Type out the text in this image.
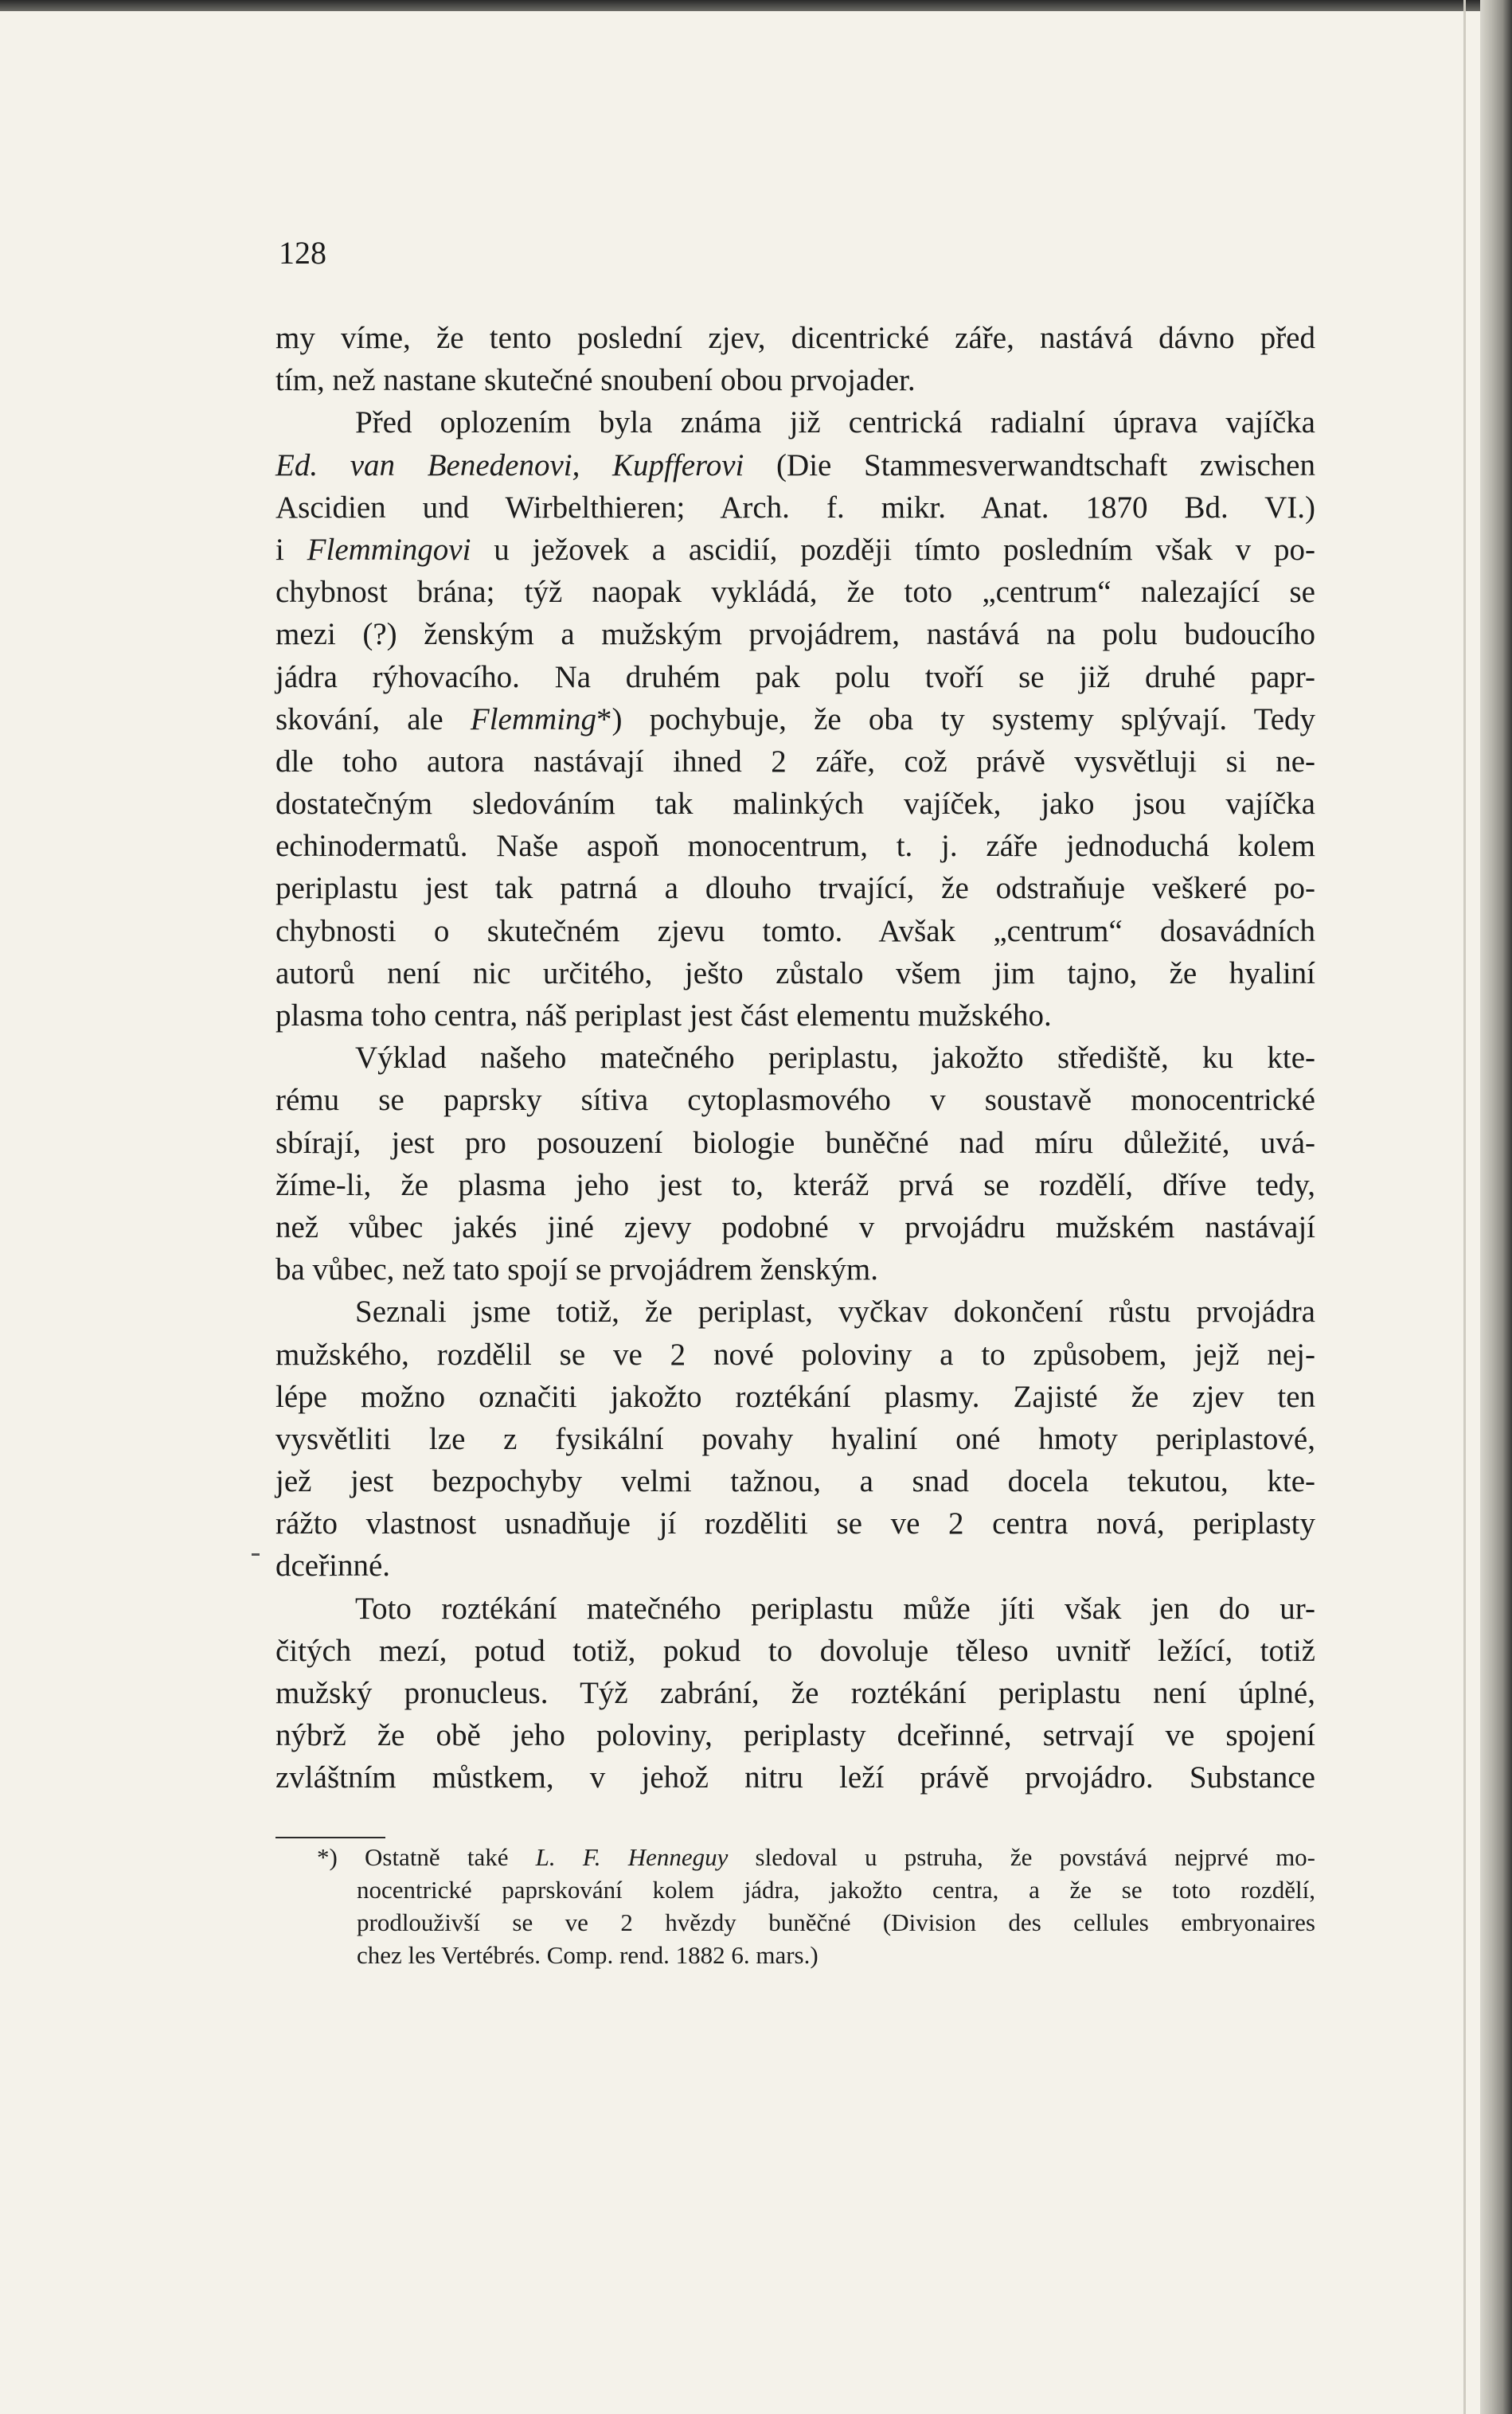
128
my víme, že tento poslední zjev, dicentrické záře, nastává dávno před
tím, než nastane skutečné snoubení obou prvojader.
Před oplozením byla známa již centrická radialní úprava vajíčka
Ed. van Benedenovi, Kupfferovi (Die Stammesverwandtschaft zwischen
Ascidien und Wirbelthieren; Arch. f. mikr. Anat. 1870 Bd. VI.)
i Flemmingovi u ježovek a ascidií, později tímto posledním však v po-
chybnost brána; týž naopak vykládá, že toto „centrum“ nalezající se
mezi (?) ženským a mužským prvojádrem, nastává na polu budoucího
jádra rýhovacího. Na druhém pak polu tvoří se již druhé papr-
skování, ale Flemming*) pochybuje, že oba ty systemy splývají. Tedy
dle toho autora nastávají ihned 2 záře, což právě vysvětluji si ne-
dostatečným sledováním tak malinkých vajíček, jako jsou vajíčka
echinodermatů. Naše aspoň monocentrum, t. j. záře jednoduchá kolem
periplastu jest tak patrná a dlouho trvající, že odstraňuje veškeré po-
chybnosti o skutečném zjevu tomto. Avšak „centrum“ dosavádních
autorů není nic určitého, ješto zůstalo všem jim tajno, že hyaliní
plasma toho centra, náš periplast jest část elementu mužského.
Výklad našeho matečného periplastu, jakožto střediště, ku kte-
rému se paprsky sítiva cytoplasmového v soustavě monocentrické
sbírají, jest pro posouzení biologie buněčné nad míru důležité, uvá-
žíme-li, že plasma jeho jest to, kteráž prvá se rozdělí, dříve tedy,
než vůbec jakés jiné zjevy podobné v prvojádru mužském nastávají
ba vůbec, než tato spojí se prvojádrem ženským.
Seznali jsme totiž, že periplast, vyčkav dokončení růstu prvojádra
mužského, rozdělil se ve 2 nové poloviny a to způsobem, jejž nej-
lépe možno označiti jakožto roztékání plasmy. Zajisté že zjev ten
vysvětliti lze z fysikální povahy hyaliní oné hmoty periplastové,
jež jest bezpochyby velmi tažnou, a snad docela tekutou, kte-
rážto vlastnost usnadňuje jí rozděliti se ve 2 centra nová, periplasty
dceřinné.
Toto roztékání matečného periplastu může jíti však jen do ur-
čitých mezí, potud totiž, pokud to dovoluje těleso uvnitř ležící, totiž
mužský pronucleus. Týž zabrání, že roztékání periplastu není úplné,
nýbrž že obě jeho poloviny, periplasty dceřinné, setrvají ve spojení
zvláštním můstkem, v jehož nitru leží právě prvojádro. Substance
*) Ostatně také L. F. Henneguy sledoval u pstruha, že povstává nejprvé mo-
nocentrické paprskování kolem jádra, jakožto centra, a že se toto rozdělí,
prodlouživší se ve 2 hvězdy buněčné (Division des cellules embryonaires
chez les Vertébrés. Comp. rend. 1882 6. mars.)
